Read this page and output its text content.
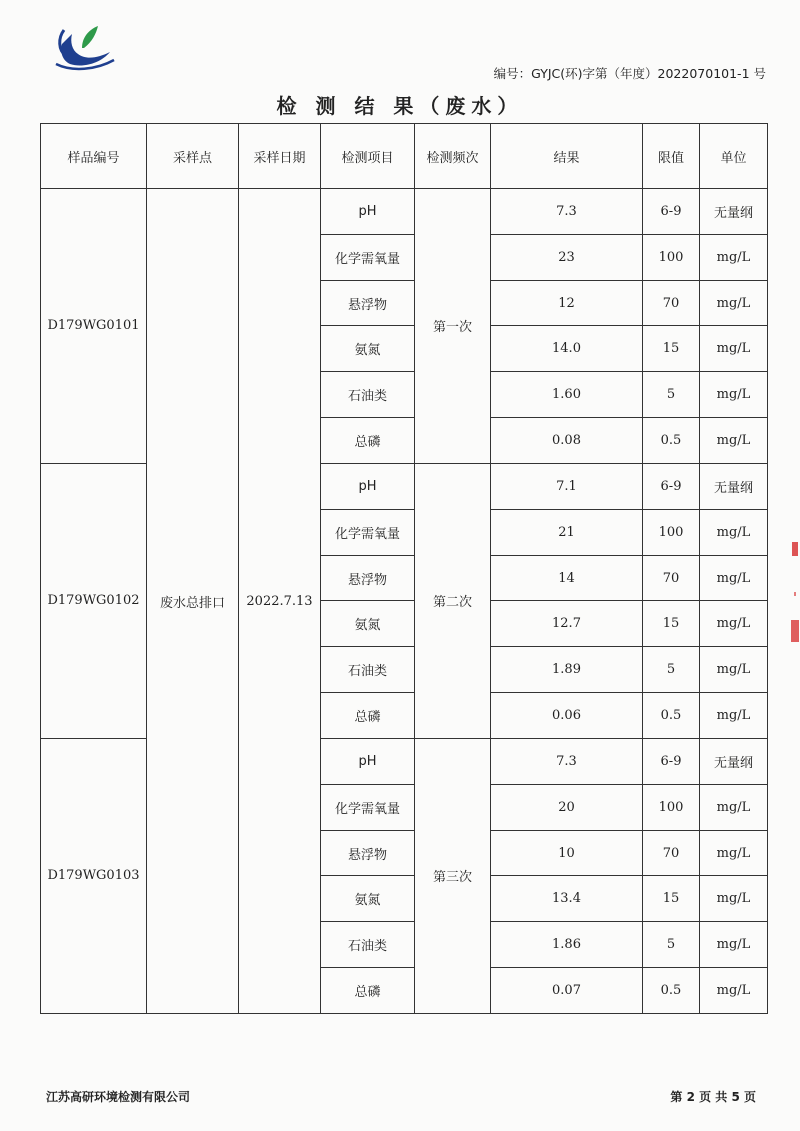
编号：GYJC(环)字第（年度）2022070101-1 号
检 测 结 果（废水）
样品编号	采样点	采样日期	检测项目	检测频次	结果	限值	单位
D179WG0101	废水总排口	2022.7.13	pH	第一次	7.3	6-9	无量纲
			化学需氧量		23	100	mg/L
			悬浮物		12	70	mg/L
			氨氮		14.0	15	mg/L
			石油类		1.60	5	mg/L
			总磷		0.08	0.5	mg/L
D179WG0102			pH	第二次	7.1	6-9	无量纲
			化学需氧量		21	100	mg/L
			悬浮物		14	70	mg/L
			氨氮		12.7	15	mg/L
			石油类		1.89	5	mg/L
			总磷		0.06	0.5	mg/L
D179WG0103			pH	第三次	7.3	6-9	无量纲
			化学需氧量		20	100	mg/L
			悬浮物		10	70	mg/L
			氨氮		13.4	15	mg/L
			石油类		1.86	5	mg/L
			总磷		0.07	0.5	mg/L
江苏高研环境检测有限公司	第 2 页 共 5 页
